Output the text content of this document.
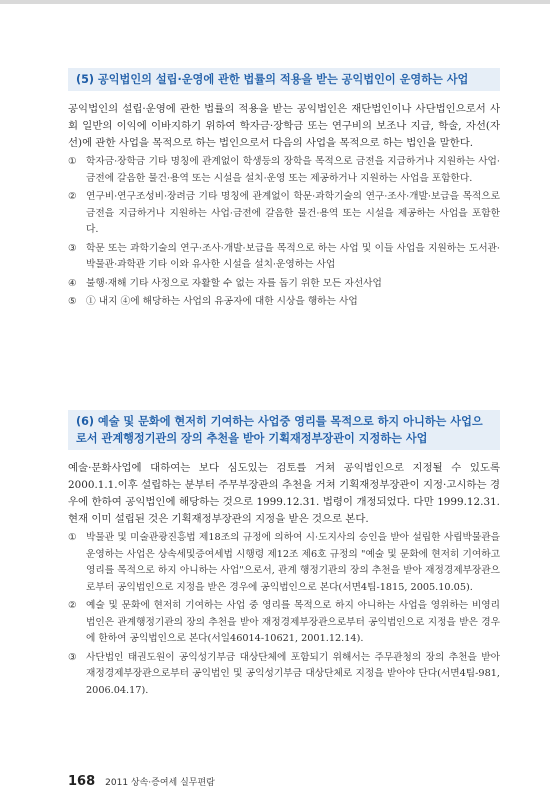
(5) 공익법인의 설립·운영에 관한 법률의 적용을 받는 공익법인이 운영하는 사업
공익법인의 설립·운영에 관한 법률의 적용을 받는 공익법인은 재단법인이나 사단법인으로서 사회 일반의 이익에 이바지하기 위하여 학자금·장학금 또는 연구비의 보조나 지급, 학술, 자선(자선)에 관한 사업을 목적으로 하는 법인으로서 다음의 사업을 목적으로 하는 법인을 말한다.
① 학자금·장학금 기타 명칭에 관계없이 학생등의 장학을 목적으로 금전을 지급하거나 지원하는 사업·금전에 갈음한 물건·용역 또는 시설을 설치·운영 또는 제공하거나 지원하는 사업을 포함한다.
② 연구비·연구조성비·장려금 기타 명칭에 관계없이 학문·과학기술의 연구·조사·개발·보급을 목적으로 금전을 지급하거나 지원하는 사업·금전에 갈음한 물건·용역 또는 시설을 제공하는 사업을 포함한다.
③ 학문 또는 과학기술의 연구·조사·개발·보급을 목적으로 하는 사업 및 이들 사업을 지원하는 도서관·박물관·과학관 기타 이와 유사한 시설을 설치·운영하는 사업
④ 불행·재해 기타 사정으로 자활할 수 없는 자를 돕기 위한 모든 자선사업
⑤ ① 내지 ④에 해당하는 사업의 유공자에 대한 시상을 행하는 사업
(6) 예술 및 문화에 현저히 기여하는 사업중 영리를 목적으로 하지 아니하는 사업으로서 관계행정기관의 장의 추천을 받아 기획재정부장관이 지정하는 사업
예술·문화사업에 대하여는 보다 심도있는 검토를 거쳐 공익법인으로 지정될 수 있도록 2000.1.1.이후 설립하는 분부터 주무부장관의 추천을 거쳐 기획재정부장관이 지정·고시하는 경우에 한하여 공익법인에 해당하는 것으로 1999.12.31. 법령이 개정되었다. 다만 1999.12.31.현재 이미 설립된 것은 기획재정부장관의 지정을 받은 것으로 본다.
① 박물관 및 미술관광진흥법 제18조의 규정에 의하여 시·도지사의 승인을 받아 설립한 사립박물관을 운영하는 사업은 상속세및증여세법 시행령 제12조 제6호 규정의 "예술 및 문화에 현저히 기여하고 영리를 목적으로 하지 아니하는 사업"으로서, 관계 행정기관의 장의 추천을 받아 재정경제부장관으로부터 공익법인으로 지정을 받은 경우에 공익법인으로 본다(서면4팀-1815, 2005.10.05).
② 예술 및 문화에 현저히 기여하는 사업 중 영리를 목적으로 하지 아니하는 사업을 영위하는 비영리법인은 관계행정기관의 장의 추천을 받아 재정경제부장관으로부터 공익법인으로 지정을 받은 경우에 한하여 공익법인으로 본다(서일46014-10621, 2001.12.14).
③ 사단법인 태권도원이 공익성기부금 대상단체에 포함되기 위해서는 주무관청의 장의 추천을 받아 재정경제부장관으로부터 공익법인 및 공익성기부금 대상단체로 지정을 받아야 단다(서면4팀-981, 2006.04.17).
168 2011 상속·증여세 실무편람
